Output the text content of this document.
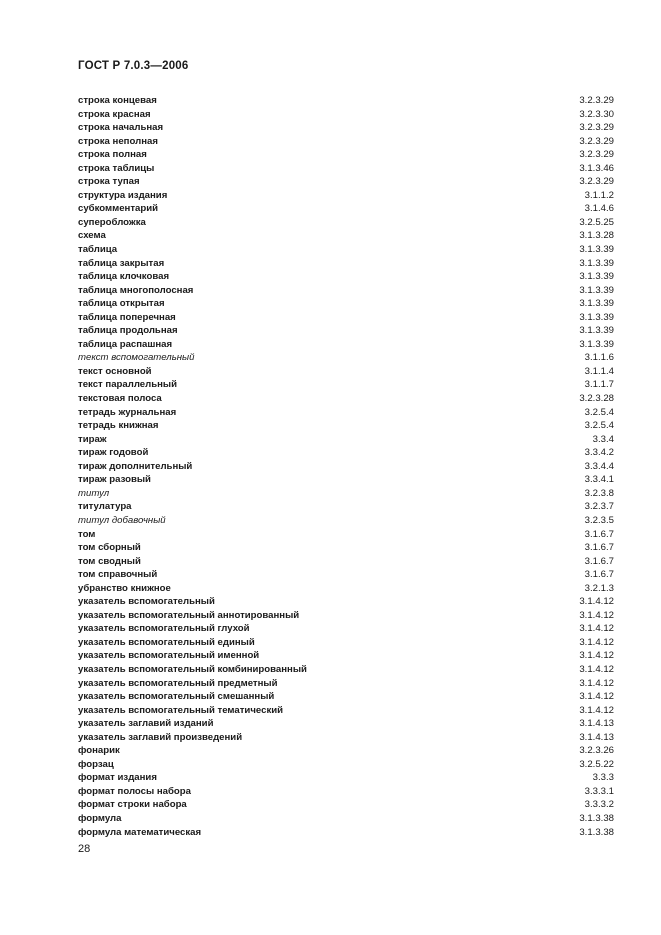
ГОСТ Р 7.0.3—2006
строка концевая	3.2.3.29
строка красная	3.2.3.30
строка начальная	3.2.3.29
строка неполная	3.2.3.29
строка полная	3.2.3.29
строка таблицы	3.1.3.46
строка тупая	3.2.3.29
структура издания	3.1.1.2
субкомментарий	3.1.4.6
суперобложка	3.2.5.25
схема	3.1.3.28
таблица	3.1.3.39
таблица закрытая	3.1.3.39
таблица клочковая	3.1.3.39
таблица многополосная	3.1.3.39
таблица открытая	3.1.3.39
таблица поперечная	3.1.3.39
таблица продольная	3.1.3.39
таблица распашная	3.1.3.39
текст вспомогательный	3.1.1.6
текст основной	3.1.1.4
текст параллельный	3.1.1.7
текстовая полоса	3.2.3.28
тетрадь журнальная	3.2.5.4
тетрадь книжная	3.2.5.4
тираж	3.3.4
тираж годовой	3.3.4.2
тираж дополнительный	3.3.4.4
тираж разовый	3.3.4.1
титул	3.2.3.8
титулатура	3.2.3.7
титул добавочный	3.2.3.5
том	3.1.6.7
том сборный	3.1.6.7
том сводный	3.1.6.7
том справочный	3.1.6.7
убранство книжное	3.2.1.3
указатель вспомогательный	3.1.4.12
указатель вспомогательный аннотированный	3.1.4.12
указатель вспомогательный глухой	3.1.4.12
указатель вспомогательный единый	3.1.4.12
указатель вспомогательный именной	3.1.4.12
указатель вспомогательный комбинированный	3.1.4.12
указатель вспомогательный предметный	3.1.4.12
указатель вспомогательный смешанный	3.1.4.12
указатель вспомогательный тематический	3.1.4.12
указатель заглавий изданий	3.1.4.13
указатель заглавий произведений	3.1.4.13
фонарик	3.2.3.26
форзац	3.2.5.22
формат издания	3.3.3
формат полосы набора	3.3.3.1
формат строки набора	3.3.3.2
формула	3.1.3.38
формула математическая	3.1.3.38
28
